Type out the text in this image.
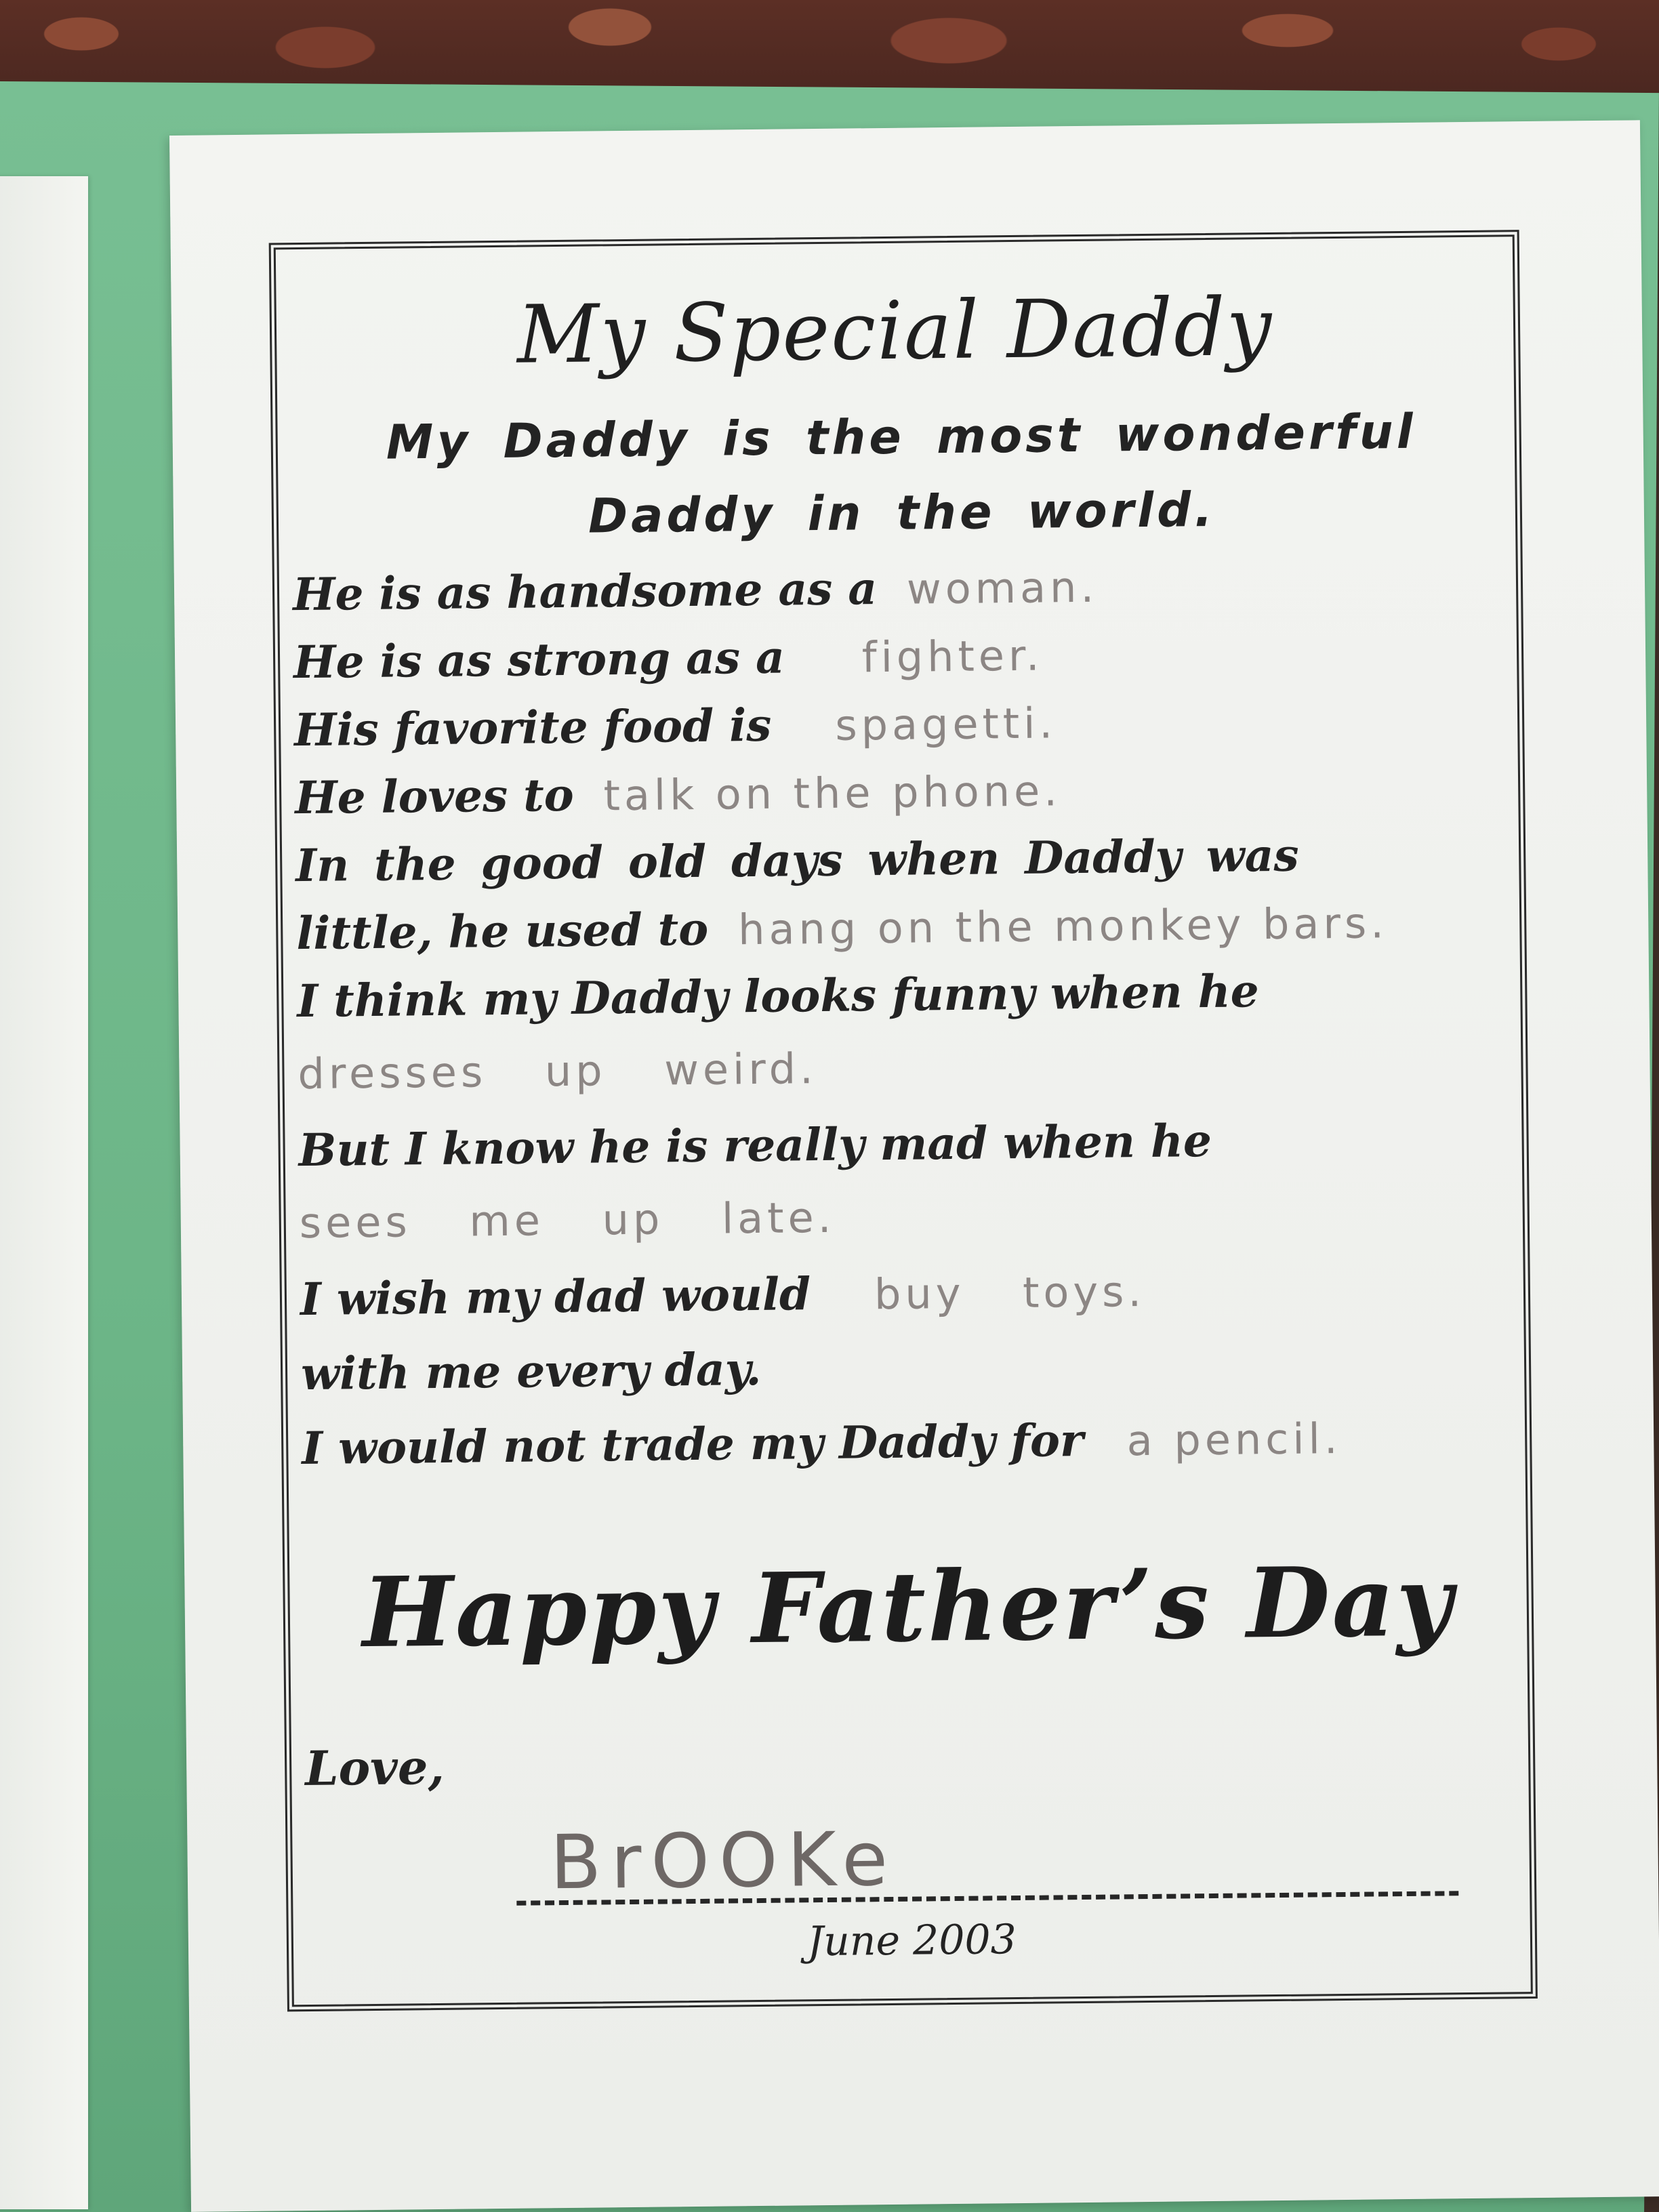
My Special Daddy
My Daddy is the most wonderful
Daddy in the world.
He is as handsome as a woman.
He is as strong as a fighter.
His favorite food is spagetti.
He loves to talk on the phone.
In the good old days when Daddy was
little, he used to hang on the monkey bars.
I think my Daddy looks funny when he
dresses up weird.
But I know he is really mad when he
sees me up late.
I wish my dad would buy toys.
with me every day.
I would not trade my Daddy for a pencil.
Happy Father’s Day
Love,
BrOOKe
June 2003
